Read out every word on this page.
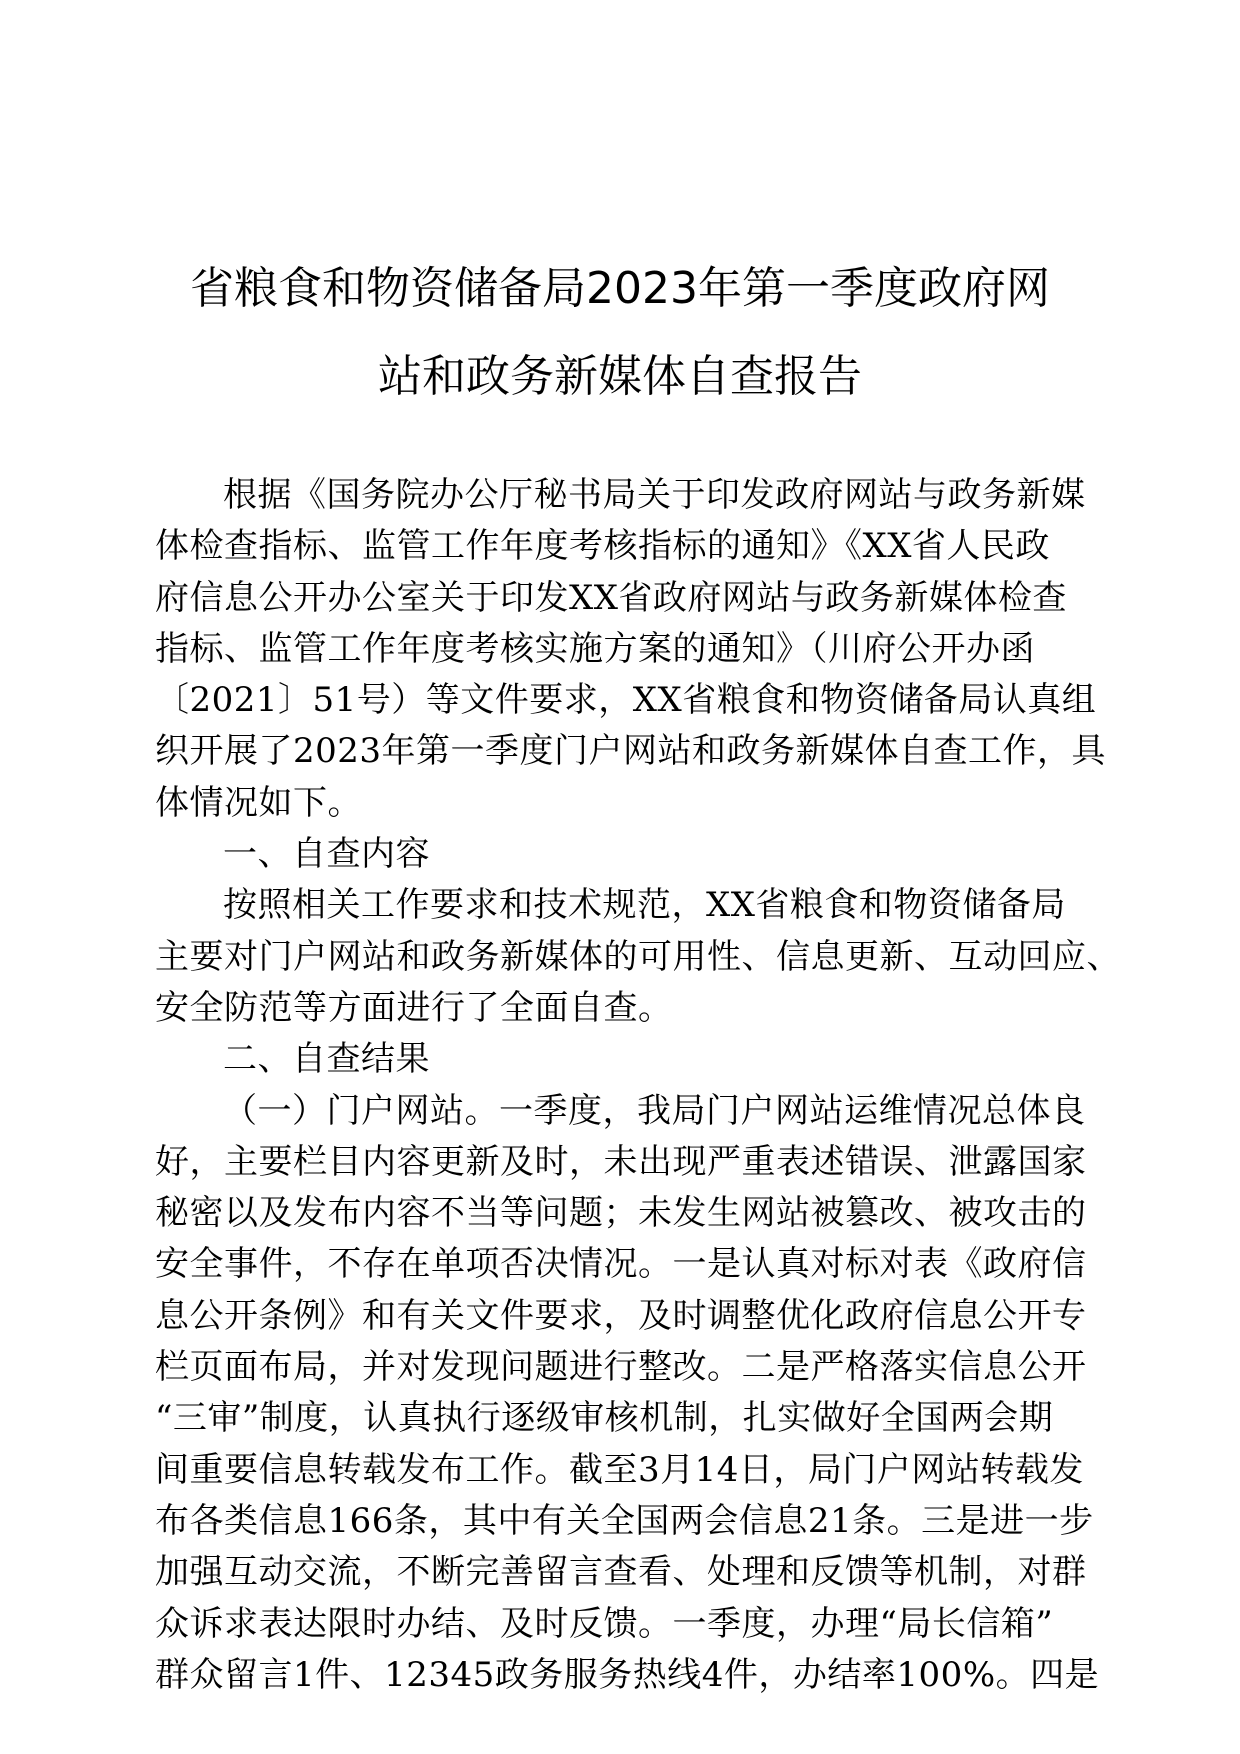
省粮食和物资储备局2023年第一季度政府网
站和政务新媒体自查报告
根据《国务院办公厅秘书局关于印发政府网站与政务新媒
体检查指标、监管工作年度考核指标的通知》《XX省人民政
府信息公开办公室关于印发XX省政府网站与政务新媒体检查
指标、监管工作年度考核实施方案的通知》（川府公开办函
〔2021〕51号）等文件要求，XX省粮食和物资储备局认真组
织开展了2023年第一季度门户网站和政务新媒体自查工作，具
体情况如下。
一、自查内容
按照相关工作要求和技术规范，XX省粮食和物资储备局
主要对门户网站和政务新媒体的可用性、信息更新、互动回应、
安全防范等方面进行了全面自查。
二、自查结果
（一）门户网站。一季度，我局门户网站运维情况总体良
好，主要栏目内容更新及时，未出现严重表述错误、泄露国家
秘密以及发布内容不当等问题；未发生网站被篡改、被攻击的
安全事件，不存在单项否决情况。一是认真对标对表《政府信
息公开条例》和有关文件要求，及时调整优化政府信息公开专
栏页面布局，并对发现问题进行整改。二是严格落实信息公开
“三审”制度，认真执行逐级审核机制，扎实做好全国两会期
间重要信息转载发布工作。截至3月14日，局门户网站转载发
布各类信息166条，其中有关全国两会信息21条。三是进一步
加强互动交流，不断完善留言查看、处理和反馈等机制，对群
众诉求表达限时办结、及时反馈。一季度，办理“局长信箱”
群众留言1件、12345政务服务热线4件，办结率100%。四是
